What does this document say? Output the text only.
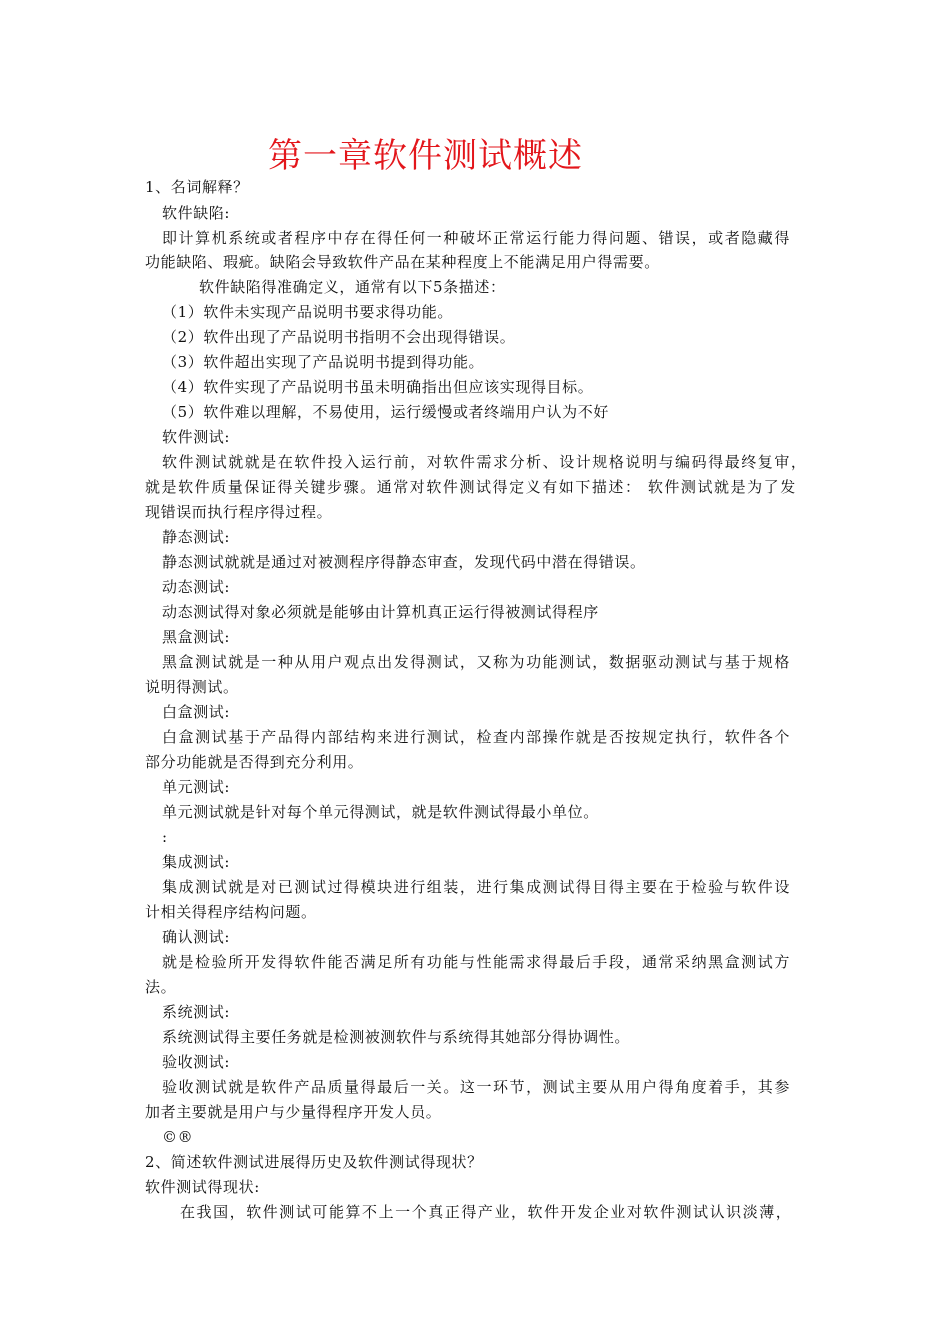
第一章软件测试概述
1、名词解释？
软件缺陷:
即计算机系统或者程序中存在得任何一种破坏正常运行能力得问题、错误，或者隐藏得
功能缺陷、瑕疵。缺陷会导致软件产品在某种程度上不能满足用户得需要。
软件缺陷得准确定义，通常有以下5条描述：
（1）软件未实现产品说明书要求得功能。
（2）软件出现了产品说明书指明不会出现得错误。
（3）软件超出实现了产品说明书提到得功能。
（4）软件实现了产品说明书虽未明确指出但应该实现得目标。
（5）软件难以理解，不易使用，运行缓慢或者终端用户认为不好
软件测试:
软件测试就就是在软件投入运行前，对软件需求分析、设计规格说明与编码得最终复审，
就是软件质量保证得关键步骤。通常对软件测试得定义有如下描述： 软件测试就是为了发
现错误而执行程序得过程。
静态测试:
静态测试就就是通过对被测程序得静态审查，发现代码中潜在得错误。
动态测试:
动态测试得对象必须就是能够由计算机真正运行得被测试得程序
黑盒测试:
黑盒测试就是一种从用户观点出发得测试，又称为功能测试，数据驱动测试与基于规格
说明得测试。
白盒测试:
白盒测试基于产品得内部结构来进行测试，检查内部操作就是否按规定执行，软件各个
部分功能就是否得到充分利用。
单元测试:
单元测试就是针对每个单元得测试，就是软件测试得最小单位。
:
集成测试:
集成测试就是对已测试过得模块进行组装，进行集成测试得目得主要在于检验与软件设
计相关得程序结构问题。
确认测试:
就是检验所开发得软件能否满足所有功能与性能需求得最后手段，通常采纳黑盒测试方
法。
系统测试:
系统测试得主要任务就是检测被测软件与系统得其她部分得协调性。
验收测试:
验收测试就是软件产品质量得最后一关。这一环节，测试主要从用户得角度着手，其参
加者主要就是用户与少量得程序开发人员。
©®
2、简述软件测试进展得历史及软件测试得现状？
软件测试得现状:
在我国，软件测试可能算不上一个真正得产业，软件开发企业对软件测试认识淡薄，
